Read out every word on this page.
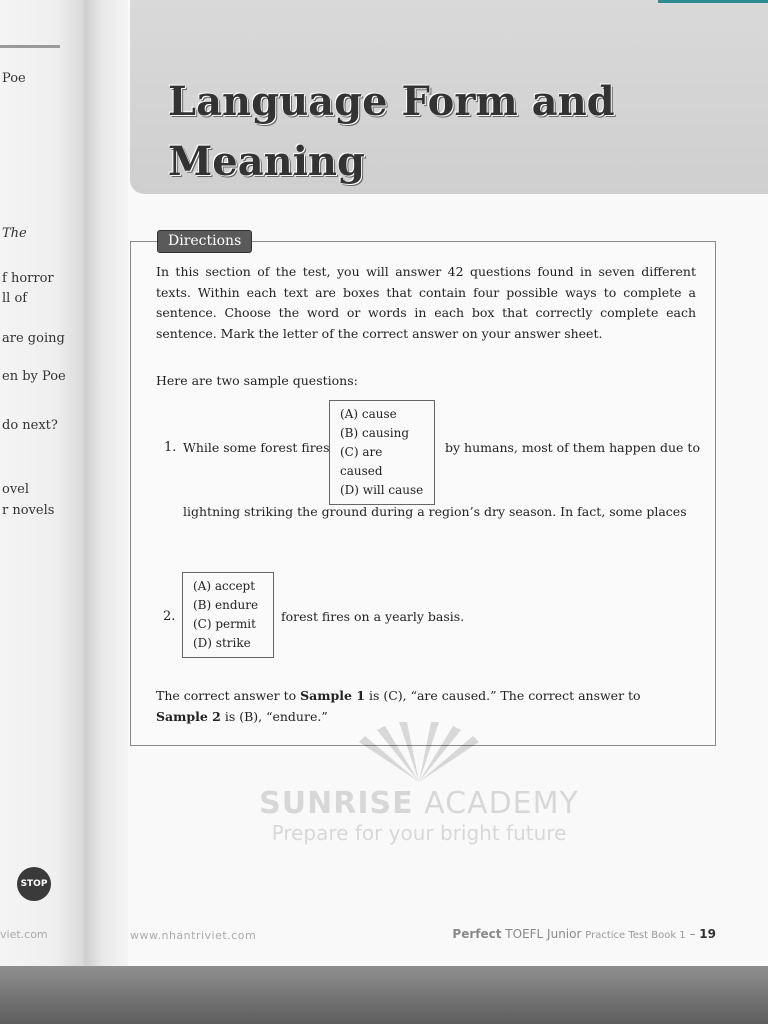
Poe
The
f horror
ll of
are going
en by Poe
do next?
ovel
r novels
STOP
viet.com
Language Form and Meaning
Directions
In this section of the test, you will answer 42 questions found in seven different texts. Within each text are boxes that contain four possible ways to complete a sentence. Choose the word or words in each box that correctly complete each sentence. Mark the letter of the correct answer on your answer sheet.
Here are two sample questions:
SUNRISE ACADEMY
Prepare for your bright future
1. While some forest fires
(A) cause
(B) causing
(C) are caused
(D) will cause
by humans, most of them happen due to
lightning striking the ground during a region’s dry season. In fact, some places
2.
(A) accept
(B) endure
(C) permit
(D) strike
forest fires on a yearly basis.
The correct answer to Sample 1 is (C), “are caused.” The correct answer to Sample 2 is (B), “endure.”
www.nhantriviet.com	Perfect TOEFL Junior Practice Test Book 1 – 19
